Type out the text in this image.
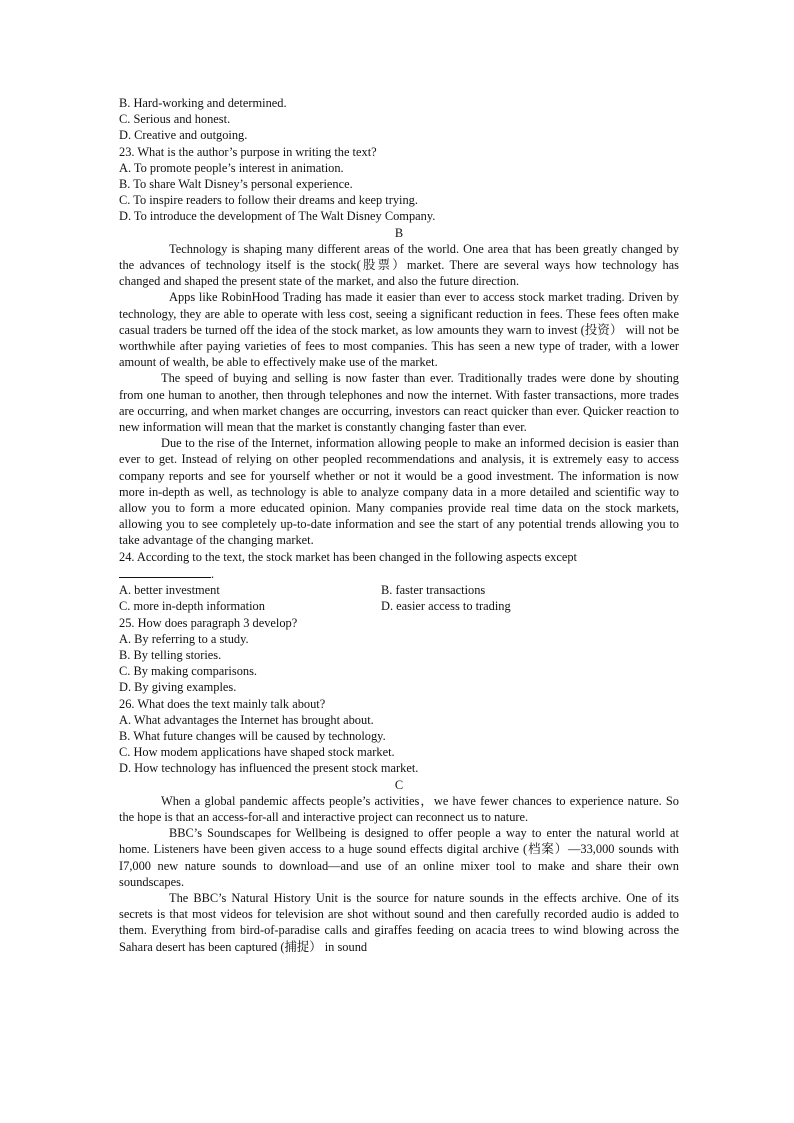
B. Hard-working and determined.
C. Serious and honest.
D. Creative and outgoing.
23. What is the author’s purpose in writing the text?
A. To promote people’s interest in animation.
B. To share Walt Disney’s personal experience.
C. To inspire readers to follow their dreams and keep trying.
D. To introduce the development of The Walt Disney Company.
B
Technology is shaping many different areas of the world. One area that has been greatly changed by the advances of technology itself is the stock(股票）market. There are several ways how technology has changed and shaped the present state of the market, and also the future direction.
Apps like RobinHood Trading has made it easier than ever to access stock market trading. Driven by technology, they are able to operate with less cost, seeing a significant reduction in fees. These fees often make casual traders be turned off the idea of the stock market, as low amounts they warn to invest (投资） will not be worthwhile after paying varieties of fees to most companies. This has seen a new type of trader, with a lower amount of wealth, be able to effectively make use of the market.
The speed of buying and selling is now faster than ever. Traditionally trades were done by shouting from one human to another, then through telephones and now the internet. With faster transactions, more trades are occurring, and when market changes are occurring, investors can react quicker than ever. Quicker reaction to new information will mean that the market is constantly changing faster than ever.
Due to the rise of the Internet, information allowing people to make an informed decision is easier than ever to get. Instead of relying on other peopled recommendations and analysis, it is extremely easy to access company reports and see for yourself whether or not it would be a good investment. The information is now more in-depth as well, as technology is able to analyze company data in a more detailed and scientific way to allow you to form a more educated opinion. Many companies provide real time data on the stock markets, allowing you to see completely up-to-date information and see the start of any potential trends allowing you to take advantage of the changing market.
24. According to the text, the stock market has been changed in the following aspects except
.
A. better investment	B. faster transactions
C. more in-depth information	D. easier access to trading
25. How does paragraph 3 develop?
A. By referring to a study.
B. By telling stories.
C. By making comparisons.
D. By giving examples.
26. What does the text mainly talk about?
A. What advantages the Internet has brought about.
B. What future changes will be caused by technology.
C. How modem applications have shaped stock market.
D. How technology has influenced the present stock market.
C
When a global pandemic affects people’s activities，we have fewer chances to experience nature. So the hope is that an access-for-all and interactive project can reconnect us to nature.
BBC’s Soundscapes for Wellbeing is designed to offer people a way to enter the natural world at home. Listeners have been given access to a huge sound effects digital archive (档案）—33,000 sounds with I7,000 new nature sounds to download—and use of an online mixer tool to make and share their own soundscapes.
The BBC’s Natural History Unit is the source for nature sounds in the effects archive. One of its secrets is that most videos for television are shot without sound and then carefully recorded audio is added to them. Everything from bird-of-paradise calls and giraffes feeding on acacia trees to wind blowing across the Sahara desert has been captured (捕捉） in sound
